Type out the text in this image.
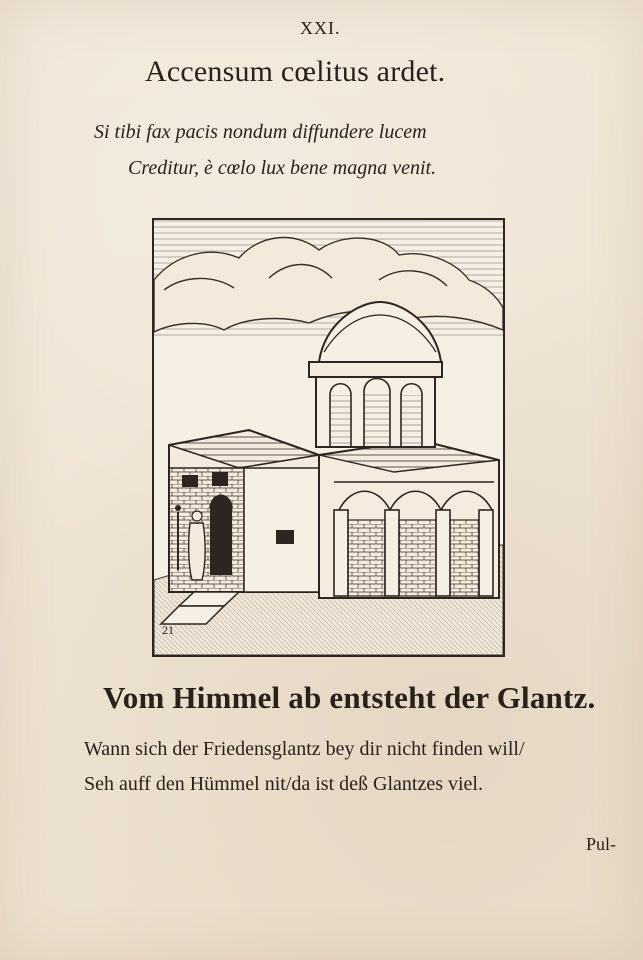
XXI.
Accensum cœlitus ardet.
Si tibi fax pacis nondum diffundere lucem
Creditur, è cœlo lux bene magna venit.
21
Vom Himmel ab entsteht der Glantz.
Wann sich der Friedensglantz bey dir nicht finden will/
Seh auff den Hümmel nit/da ist deß Glantzes viel.
Pul-
